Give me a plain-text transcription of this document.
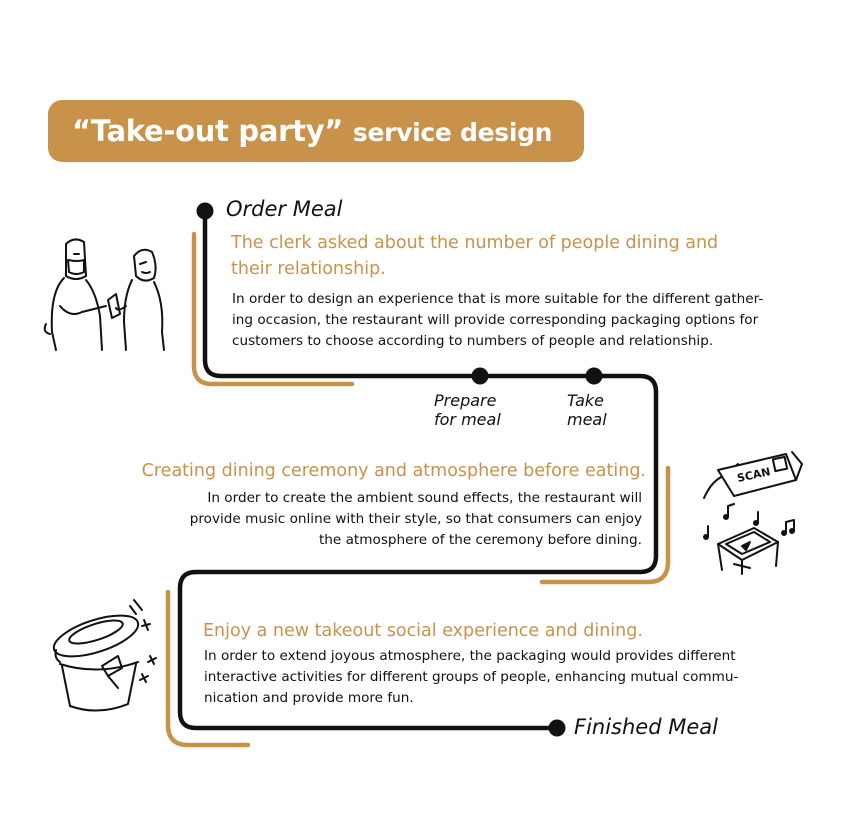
“Take-out party” service design
Order Meal
Finished Meal
Prepare
for meal
Take
meal
The clerk asked about the number of people dining and
their relationship.
In order to design an experience that is more suitable for the different gather-
ing occasion, the restaurant will provide corresponding packaging options for
customers to choose according to numbers of people and relationship.
Creating dining ceremony and atmosphere before eating.
In order to create the ambient sound effects, the restaurant will
provide music online with their style, so that consumers can enjoy
the atmosphere of the ceremony before dining.
Enjoy a new takeout social experience and dining.
In order to extend joyous atmosphere, the packaging would provides different
interactive activities for different groups of people, enhancing mutual commu-
nication and provide more fun.
SCAN
